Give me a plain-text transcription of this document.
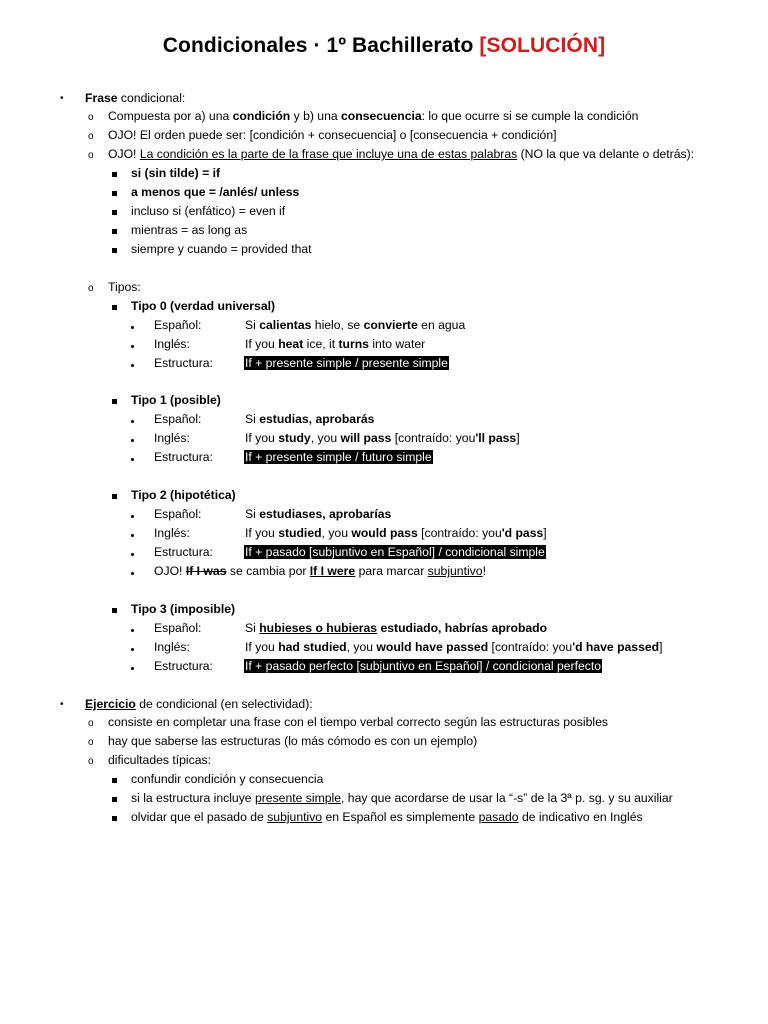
Condicionales · 1º Bachillerato [SOLUCIÓN]
• Frase condicional:
o Compuesta por a) una condición y b) una consecuencia: lo que ocurre si se cumple la condición
o OJO! El orden puede ser: [condición + consecuencia] o [consecuencia + condición]
o OJO! La condición es la parte de la frase que incluye una de estas palabras (NO la que va delante o detrás):
si (sin tilde) = if
a menos que = /anlés/ unless
incluso si (enfático) = even if
mientras = as long as
siempre y cuando = provided that
o Tipos:
Tipo 0 (verdad universal)
Español:	Si calientas hielo, se convierte en agua
Inglés:	If you heat ice, it turns into water
Estructura:	If + presente simple / presente simple
Tipo 1 (posible)
Español:	Si estudias, aprobarás
Inglés:	If you study, you will pass [contraído: you'll pass]
Estructura:	If + presente simple / futuro simple
Tipo 2 (hipotética)
Español:	Si estudiases, aprobarías
Inglés:	If you studied, you would pass [contraído: you'd pass]
Estructura:	If + pasado [subjuntivo en Español] / condicional simple
OJO! If I was se cambia por If I were para marcar subjuntivo!
Tipo 3 (imposible)
Español:	Si hubieses o hubieras estudiado, habrías aprobado
Inglés:	If you had studied, you would have passed [contraído: you'd have passed]
Estructura:	If + pasado perfecto [subjuntivo en Español] / condicional perfecto
• Ejercicio de condicional (en selectividad):
o consiste en completar una frase con el tiempo verbal correcto según las estructuras posibles
o hay que saberse las estructuras (lo más cómodo es con un ejemplo)
o dificultades típicas:
confundir condición y consecuencia
si la estructura incluye presente simple, hay que acordarse de usar la “-s” de la 3ª p. sg. y su auxiliar
olvidar que el pasado de subjuntivo en Español es simplemente pasado de indicativo en Inglés
